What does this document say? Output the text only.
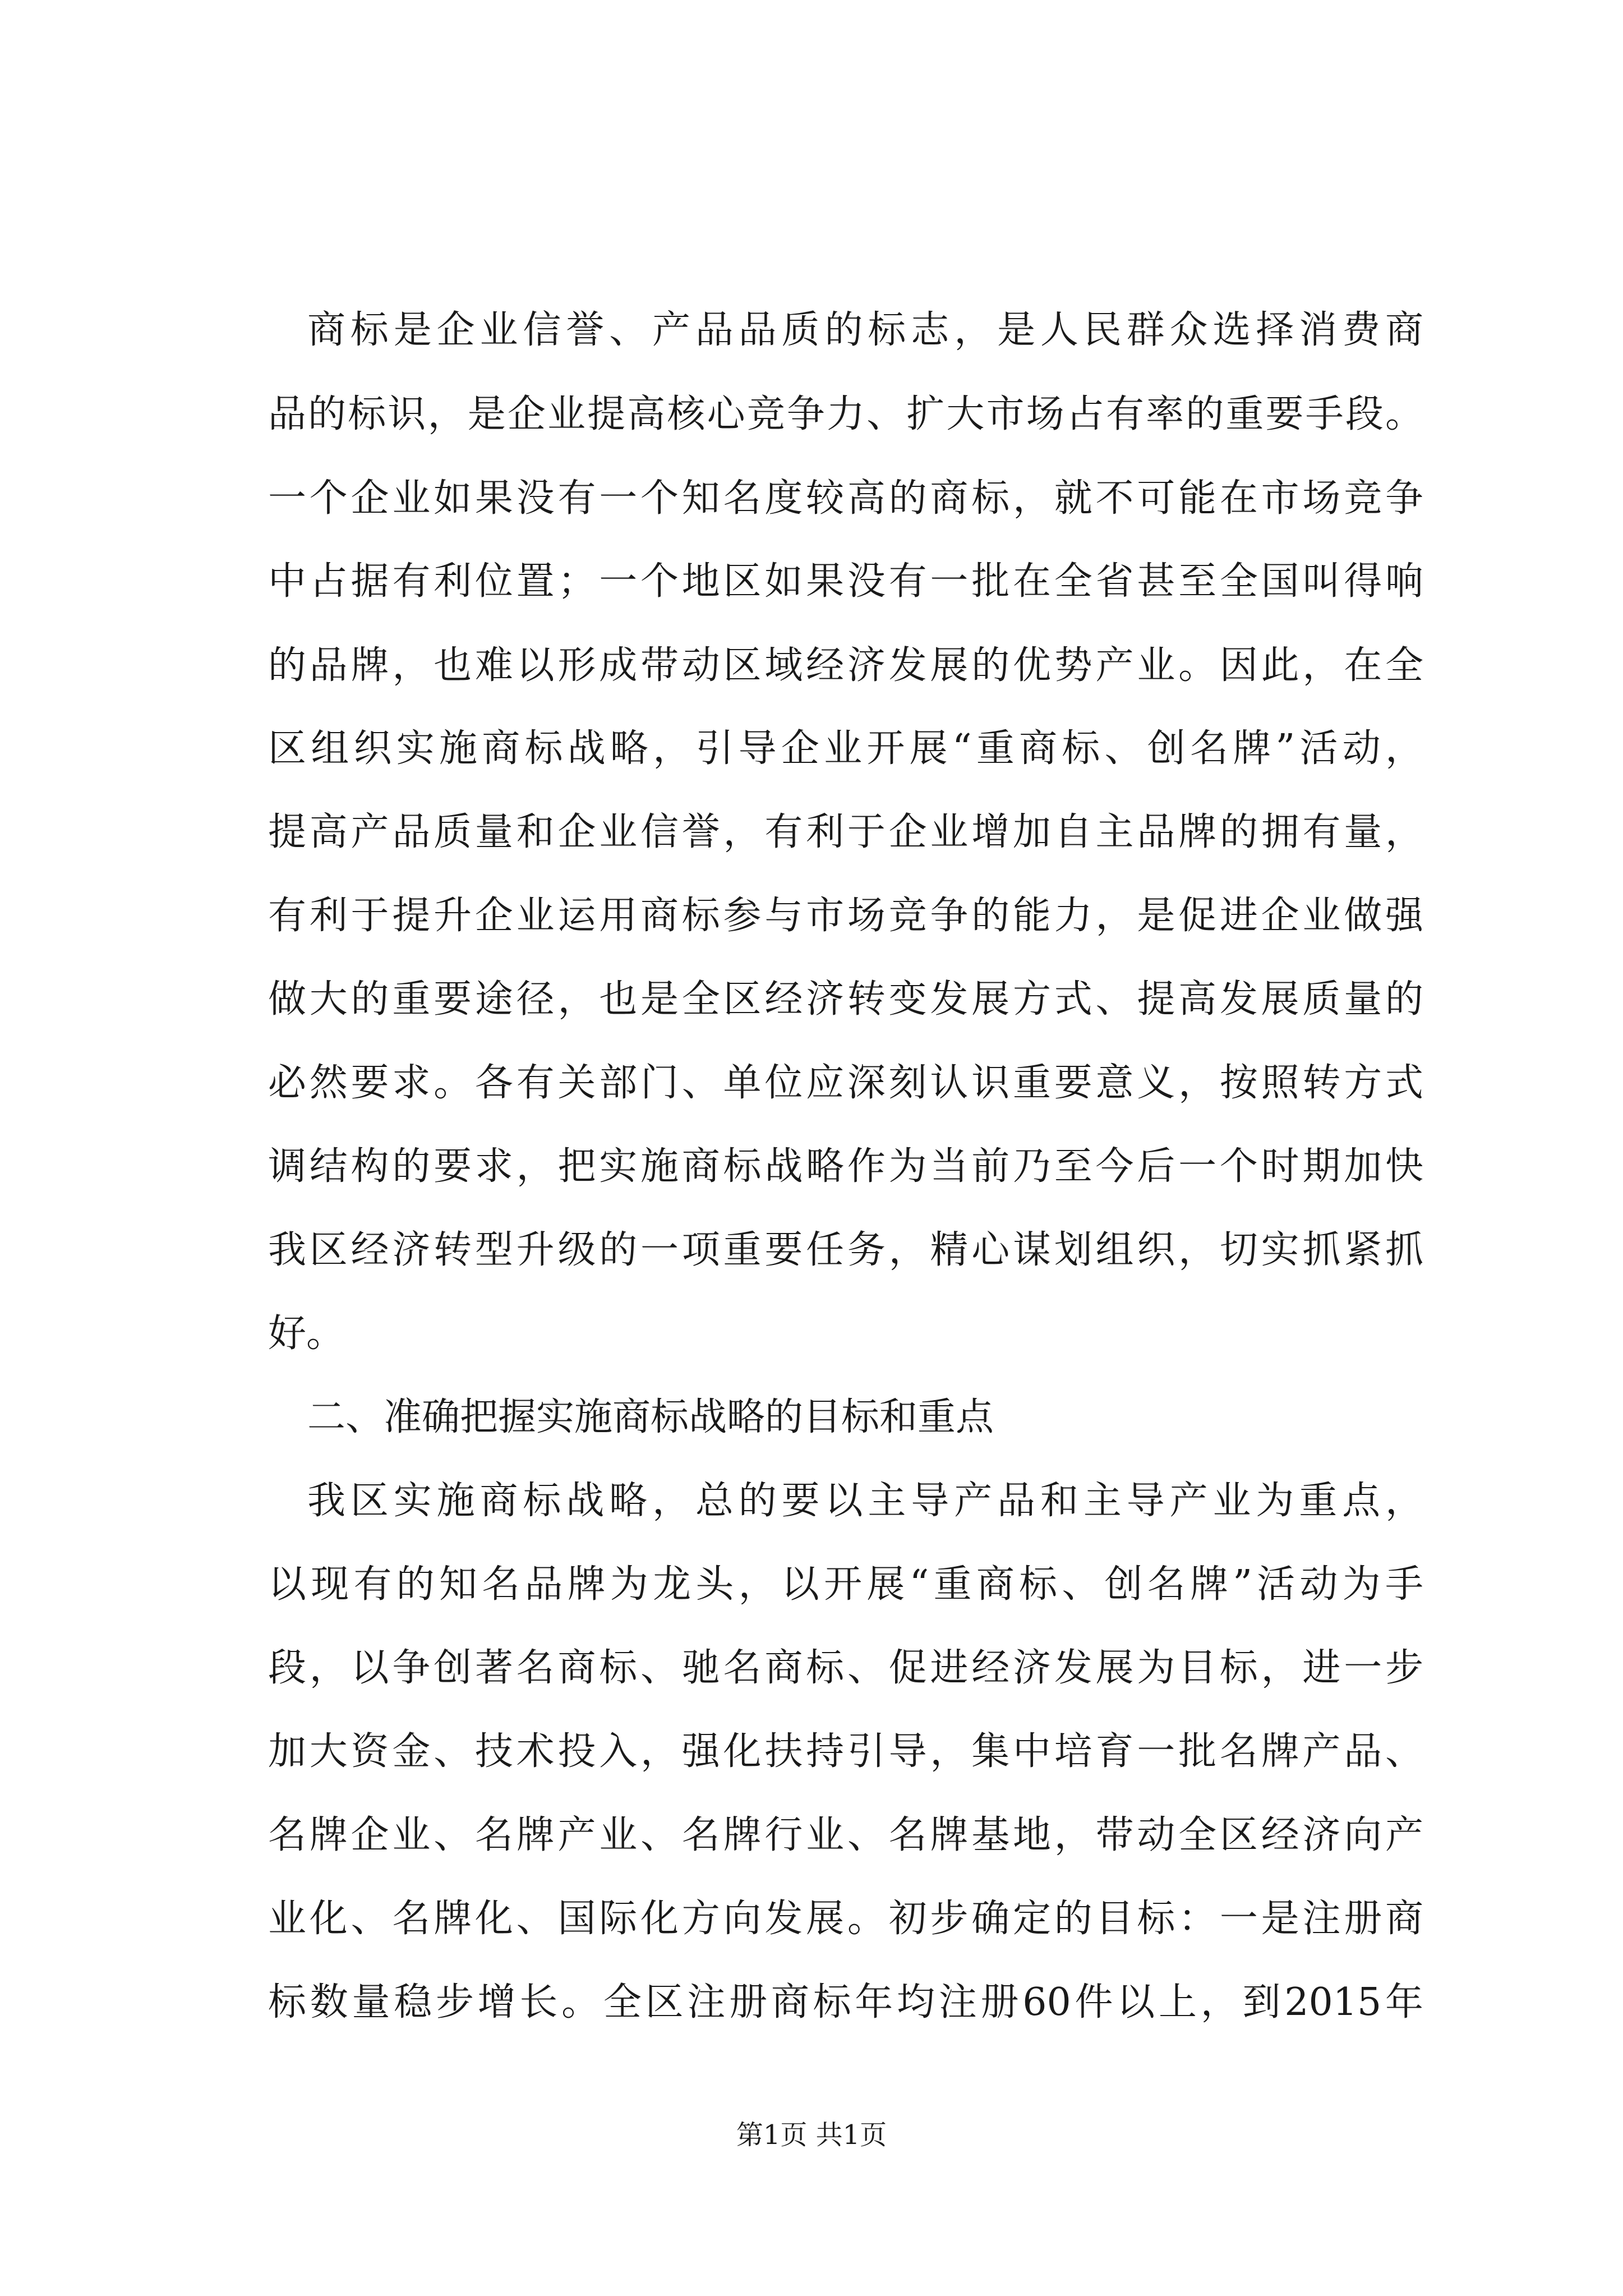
商标是企业信誉、产品品质的标志，是人民群众选择消费商
品的标识，是企业提高核心竞争力、扩大市场占有率的重要手段。
一个企业如果没有一个知名度较高的商标，就不可能在市场竞争
中占据有利位置；一个地区如果没有一批在全省甚至全国叫得响
的品牌，也难以形成带动区域经济发展的优势产业。因此，在全
区组织实施商标战略，引导企业开展“重商标、创名牌”活动，
提高产品质量和企业信誉，有利于企业增加自主品牌的拥有量，
有利于提升企业运用商标参与市场竞争的能力，是促进企业做强
做大的重要途径，也是全区经济转变发展方式、提高发展质量的
必然要求。各有关部门、单位应深刻认识重要意义，按照转方式
调结构的要求，把实施商标战略作为当前乃至今后一个时期加快
我区经济转型升级的一项重要任务，精心谋划组织，切实抓紧抓
好。
二、准确把握实施商标战略的目标和重点
我区实施商标战略，总的要以主导产品和主导产业为重点，
以现有的知名品牌为龙头，以开展“重商标、创名牌”活动为手
段，以争创著名商标、驰名商标、促进经济发展为目标，进一步
加大资金、技术投入，强化扶持引导，集中培育一批名牌产品、
名牌企业、名牌产业、名牌行业、名牌基地，带动全区经济向产
业化、名牌化、国际化方向发展。初步确定的目标：一是注册商
标数量稳步增长。全区注册商标年均注册60件以上，到2015年
第1页 共1页
